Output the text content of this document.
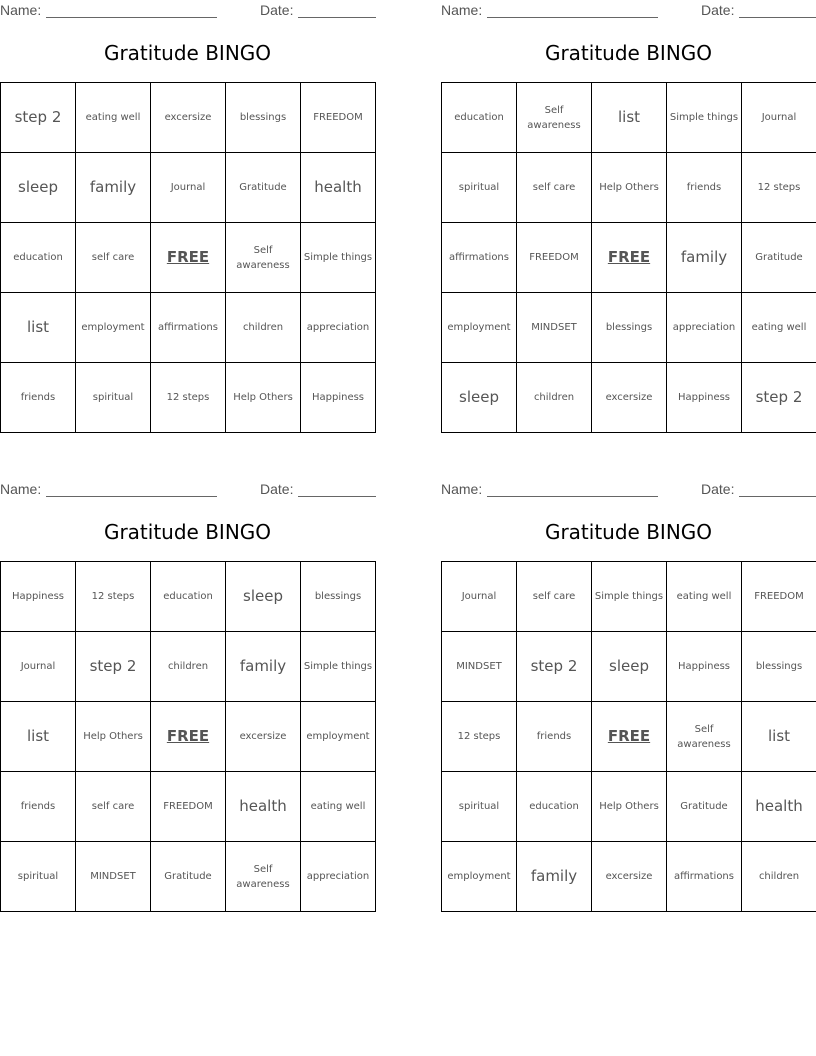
Name:	Date:
Gratitude BINGO
step 2	eating well	excersize	blessings	FREEDOM
sleep	family	Journal	Gratitude	health
education	self care	FREE	Self awareness	Simple things
list	employment	affirmations	children	appreciation
friends	spiritual	12 steps	Help Others	Happiness
Name:	Date:
Gratitude BINGO
education	Self awareness	list	Simple things	Journal
spiritual	self care	Help Others	friends	12 steps
affirmations	FREEDOM	FREE	family	Gratitude
employment	MINDSET	blessings	appreciation	eating well
sleep	children	excersize	Happiness	step 2
Name:	Date:
Gratitude BINGO
Happiness	12 steps	education	sleep	blessings
Journal	step 2	children	family	Simple things
list	Help Others	FREE	excersize	employment
friends	self care	FREEDOM	health	eating well
spiritual	MINDSET	Gratitude	Self awareness	appreciation
Name:	Date:
Gratitude BINGO
Journal	self care	Simple things	eating well	FREEDOM
MINDSET	step 2	sleep	Happiness	blessings
12 steps	friends	FREE	Self awareness	list
spiritual	education	Help Others	Gratitude	health
employment	family	excersize	affirmations	children
